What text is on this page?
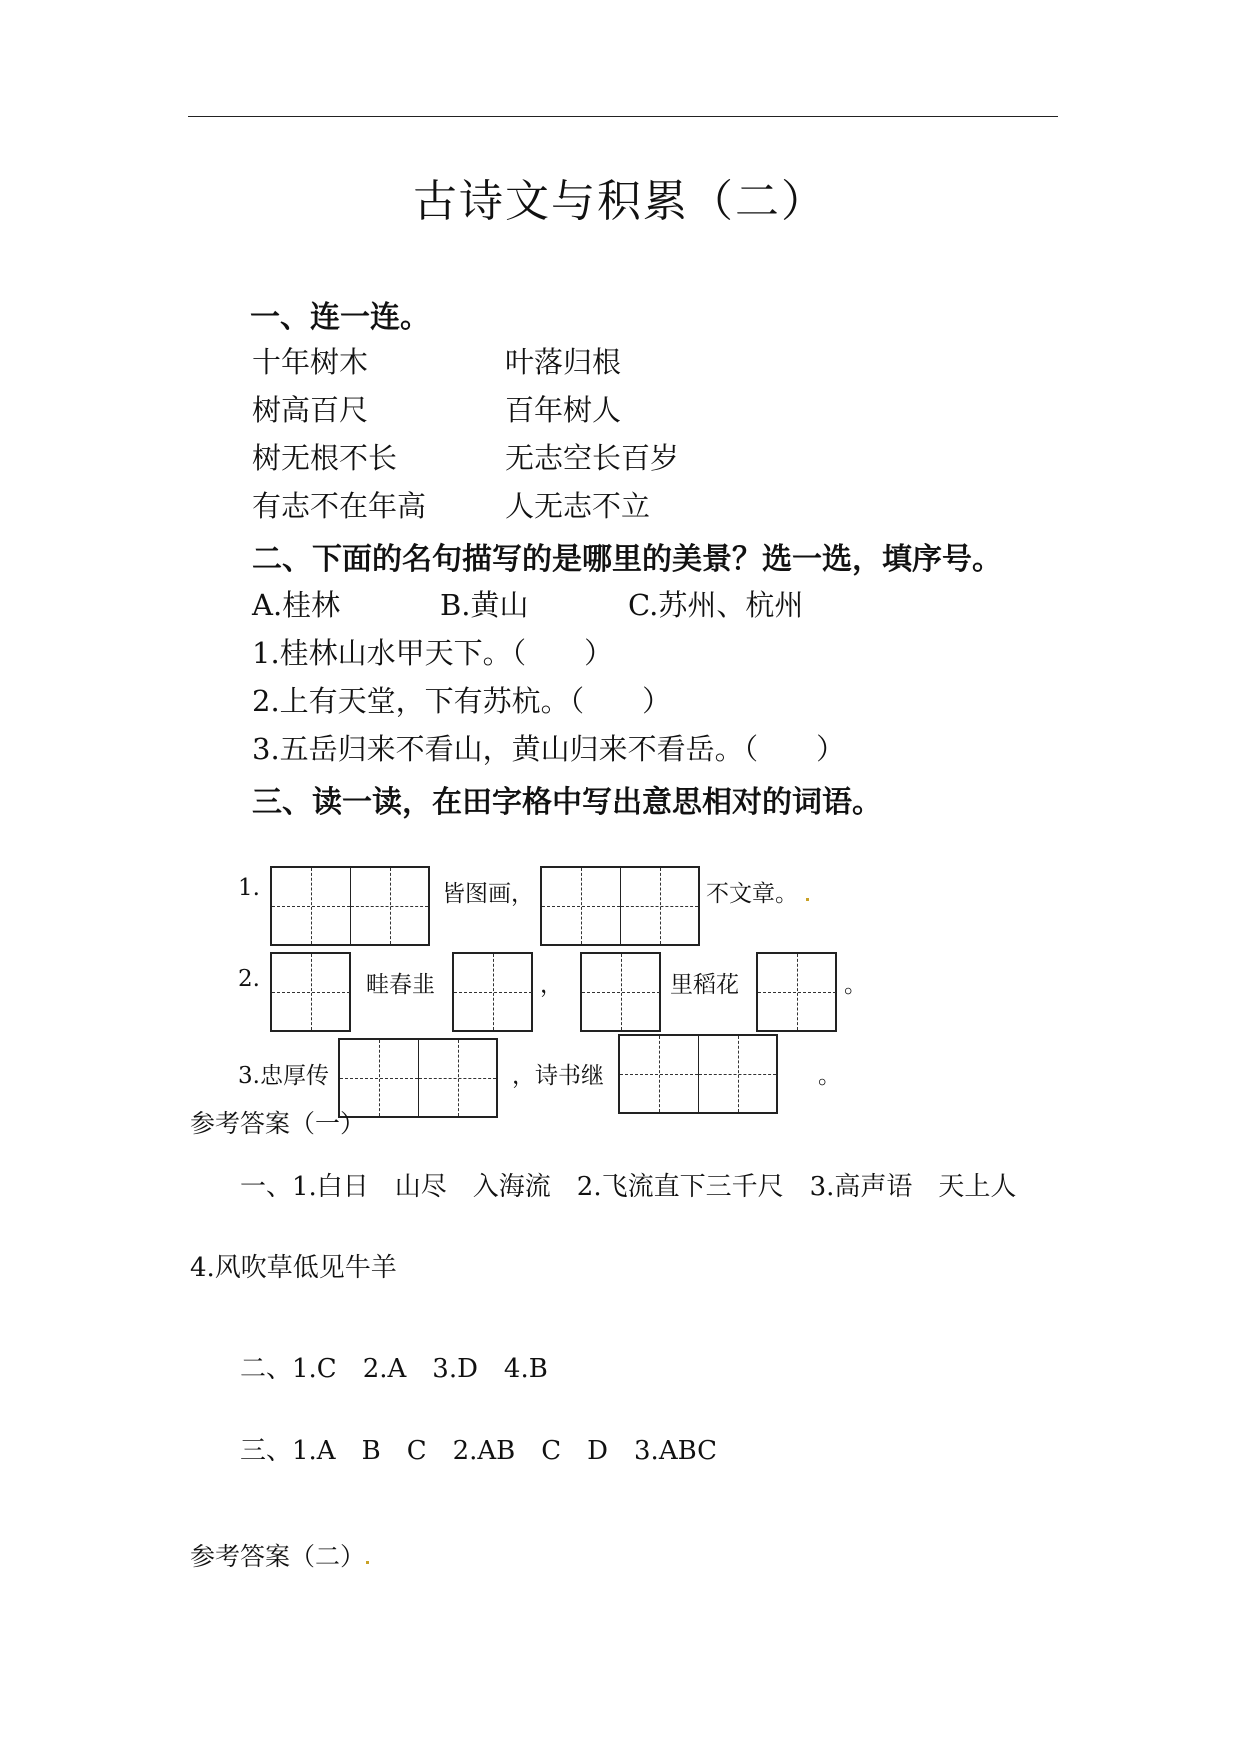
古诗文与积累（二）
一、连一连。
十年树木	叶落归根
树高百尺	百年树人
树无根不长	无志空长百岁
有志不在年高	人无志不立
二、下面的名句描写的是哪里的美景？选一选，填序号。
A.桂林	B.黄山	C.苏州、杭州
1.桂林山水甲天下。（　　）
2.上有天堂，下有苏杭。（　　）
3.五岳归来不看山，黄山归来不看岳。（　　）
三、读一读，在田字格中写出意思相对的词语。
1.	皆图画，	不文章。
2.	畦春韭	，	里稻花	。
3.忠厚传	，诗书继	。
参考答案（一）
一、1.白日　山尽　入海流　2.飞流直下三千尺　3.高声语　天上人
4.风吹草低见牛羊
二、1.C　2.A　3.D　4.B
三、1.A　B　C　2.AB　C　D　3.ABC
参考答案（二）
